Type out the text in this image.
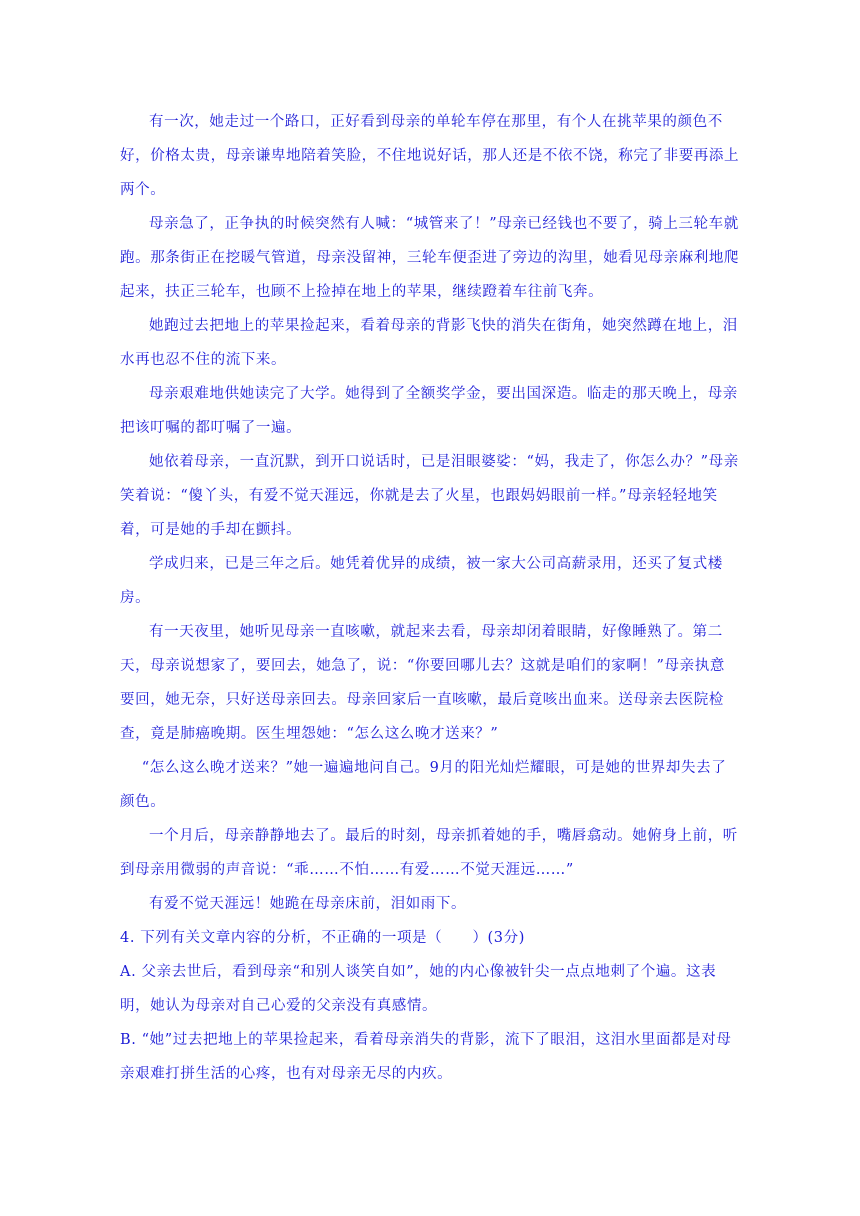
有一次，她走过一个路口，正好看到母亲的单轮车停在那里，有个人在挑苹果的颜色不好，价格太贵，母亲谦卑地陪着笑脸，不住地说好话，那人还是不依不饶，称完了非要再添上两个。

母亲急了，正争执的时候突然有人喊：“城管来了！”母亲已经钱也不要了，骑上三轮车就跑。那条街正在挖暖气管道，母亲没留神，三轮车便歪进了旁边的沟里，她看见母亲麻利地爬起来，扶正三轮车，也顾不上捡掉在地上的苹果，继续蹬着车往前飞奔。

她跑过去把地上的苹果捡起来，看着母亲的背影飞快的消失在街角，她突然蹲在地上，泪水再也忍不住的流下来。

母亲艰难地供她读完了大学。她得到了全额奖学金，要出国深造。临走的那天晚上，母亲把该叮嘱的都叮嘱了一遍。

她依着母亲，一直沉默，到开口说话时，已是泪眼婆娑：“妈，我走了，你怎么办？”母亲笑着说：“傻丫头，有爱不觉天涯远，你就是去了火星，也跟妈妈眼前一样。”母亲轻轻地笑着，可是她的手却在颤抖。

学成归来，已是三年之后。她凭着优异的成绩，被一家大公司高薪录用，还买了复式楼房。

有一天夜里，她听见母亲一直咳嗽，就起来去看，母亲却闭着眼睛，好像睡熟了。第二天，母亲说想家了，要回去，她急了，说：“你要回哪儿去？这就是咱们的家啊！”母亲执意要回，她无奈，只好送母亲回去。母亲回家后一直咳嗽，最后竟咳出血来。送母亲去医院检查，竟是肺癌晚期。医生埋怨她：“怎么这么晚才送来？”

“怎么这么晚才送来？”她一遍遍地问自己。9月的阳光灿烂耀眼，可是她的世界却失去了颜色。

一个月后，母亲静静地去了。最后的时刻，母亲抓着她的手，嘴唇翕动。她俯身上前，听到母亲用微弱的声音说：“乖……不怕……有爱……不觉天涯远……”

有爱不觉天涯远！她跪在母亲床前，泪如雨下。

4. 下列有关文章内容的分析，不正确的一项是（　　）(3分)

A. 父亲去世后，看到母亲“和别人谈笑自如”，她的内心像被针尖一点点地刺了个遍。这表明，她认为母亲对自己心爱的父亲没有真感情。

B. “她”过去把地上的苹果捡起来，看着母亲消失的背影，流下了眼泪，这泪水里面都是对母亲艰难打拼生活的心疼，也有对母亲无尽的内疚。
